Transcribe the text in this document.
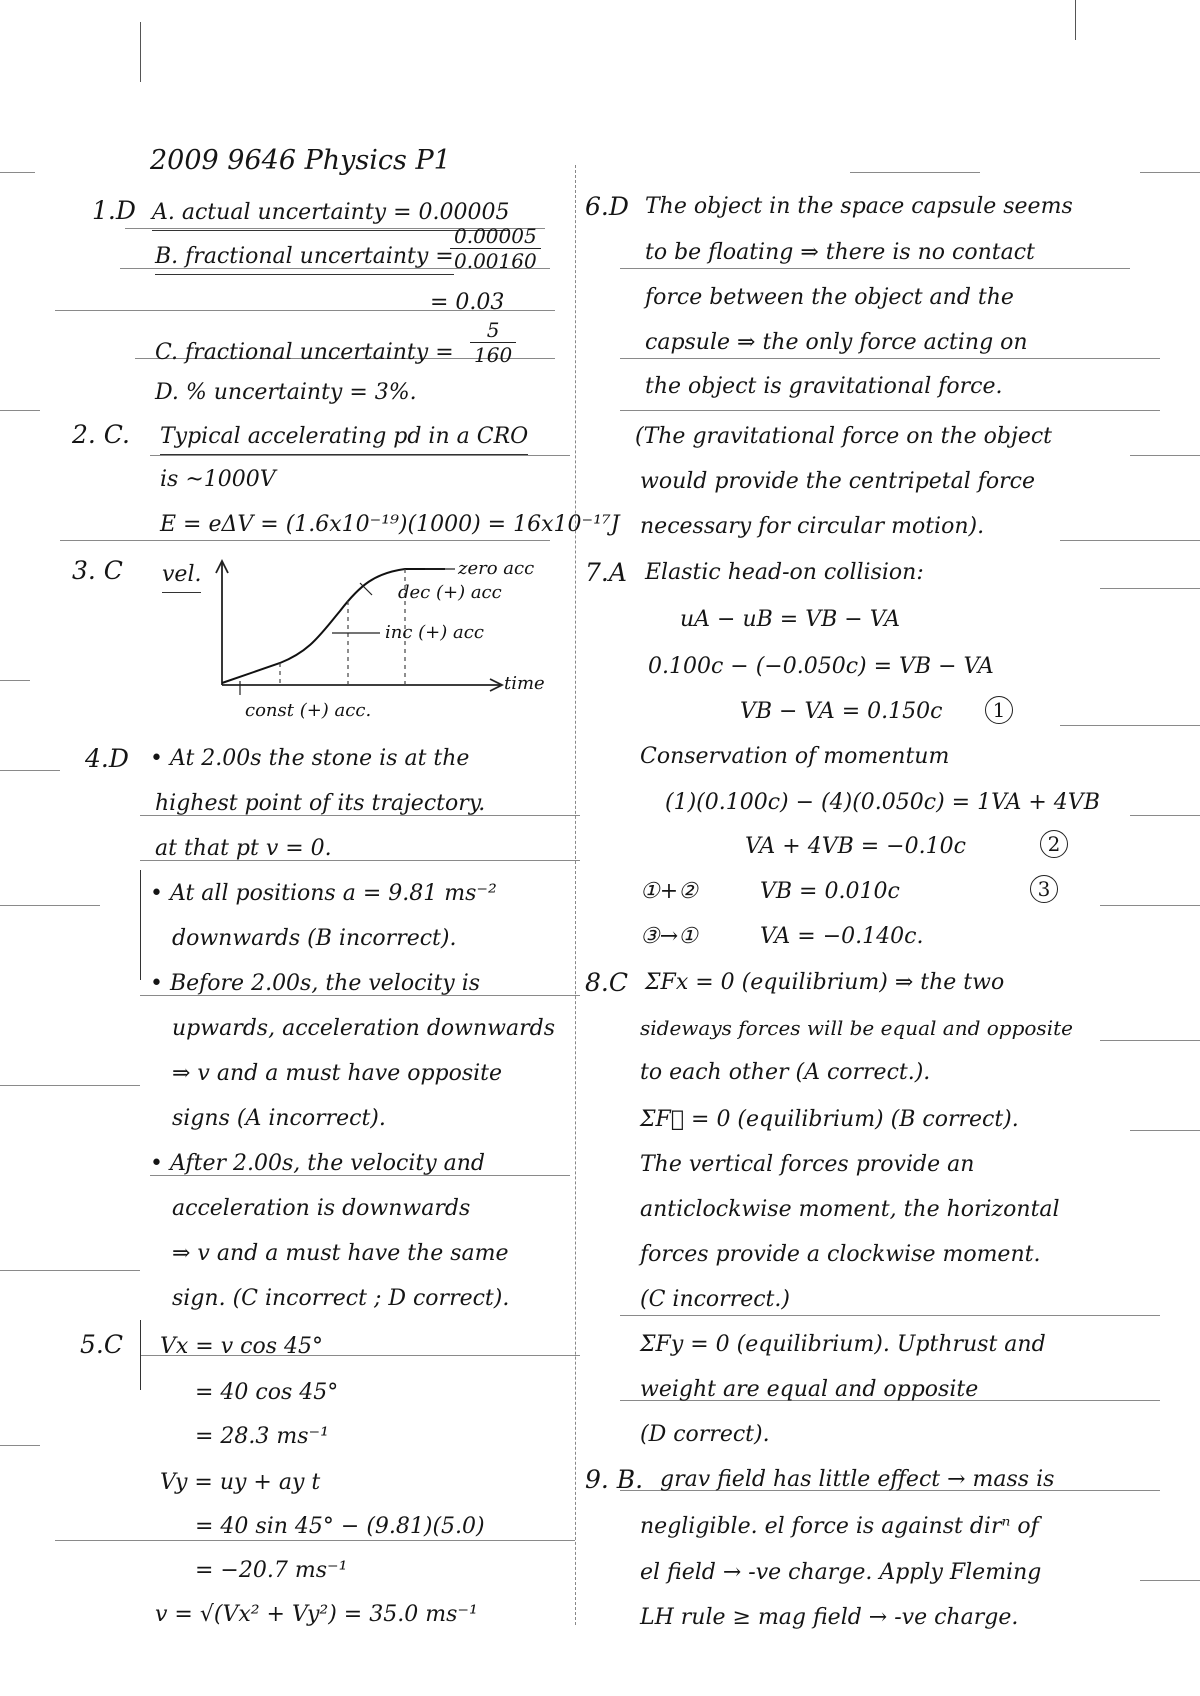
2009 9646 Physics P1
1.D A. actual uncertainty = 0.00005
B. fractional uncertainty =
$\frac{0.00005}{0.00160}$
= 0.03
C. fractional uncertainty = $\frac{5}{160}$
D. % uncertainty = 3%.
2. C. Typical accelerating pd in a CRO
is ~1000V
E = eΔV = (1.6x10⁻¹⁹)(1000) = 16x10⁻¹⁷J
3. C vel.
time
zero acc
dec (+) acc
inc (+) acc
const (+) acc.
4.D • At 2.00s the stone is at the
highest point of its trajectory.
at that pt v = 0.
• At all positions a = 9.81 ms⁻²
downwards (B incorrect).
• Before 2.00s, the velocity is
upwards, acceleration downwards
⇒ v and a must have opposite
signs (A incorrect).
• After 2.00s, the velocity and
acceleration is downwards
⇒ v and a must have the same
sign. (C incorrect ; D correct).
5.C Vx = v cos 45°
= 40 cos 45°
= 28.3 ms⁻¹
Vy = uy + ay t
= 40 sin 45° − (9.81)(5.0)
= −20.7 ms⁻¹
v = √(Vx² + Vy²) = 35.0 ms⁻¹
6.D The object in the space capsule seems
to be floating ⇒ there is no contact
force between the object and the
capsule ⇒ the only force acting on
the object is gravitational force.
(The gravitational force on the object
would provide the centripetal force
necessary for circular motion).
7.A Elastic head-on collision:
uA − uB = VB − VA
0.100c − (−0.050c) = VB − VA
VB − VA = 0.150c	1
Conservation of momentum
(1)(0.100c) − (4)(0.050c) = 1VA + 4VB
VA + 4VB = −0.10c	2
①+②	VB = 0.010c	3
③→①	VA = −0.140c.
8.C ΣFx = 0 (equilibrium) ⇒ the two
sideways forces will be equal and opposite
to each other (A correct.).
ΣF⃗ = 0 (equilibrium) (B correct).
The vertical forces provide an
anticlockwise moment, the horizontal
forces provide a clockwise moment.
(C incorrect.)
ΣFy = 0 (equilibrium). Upthrust and
weight are equal and opposite
(D correct).
9. B. grav field has little effect → mass is
negligible. el force is against dirⁿ of
el field → -ve charge. Apply Fleming
LH rule ≥ mag field → -ve charge.
